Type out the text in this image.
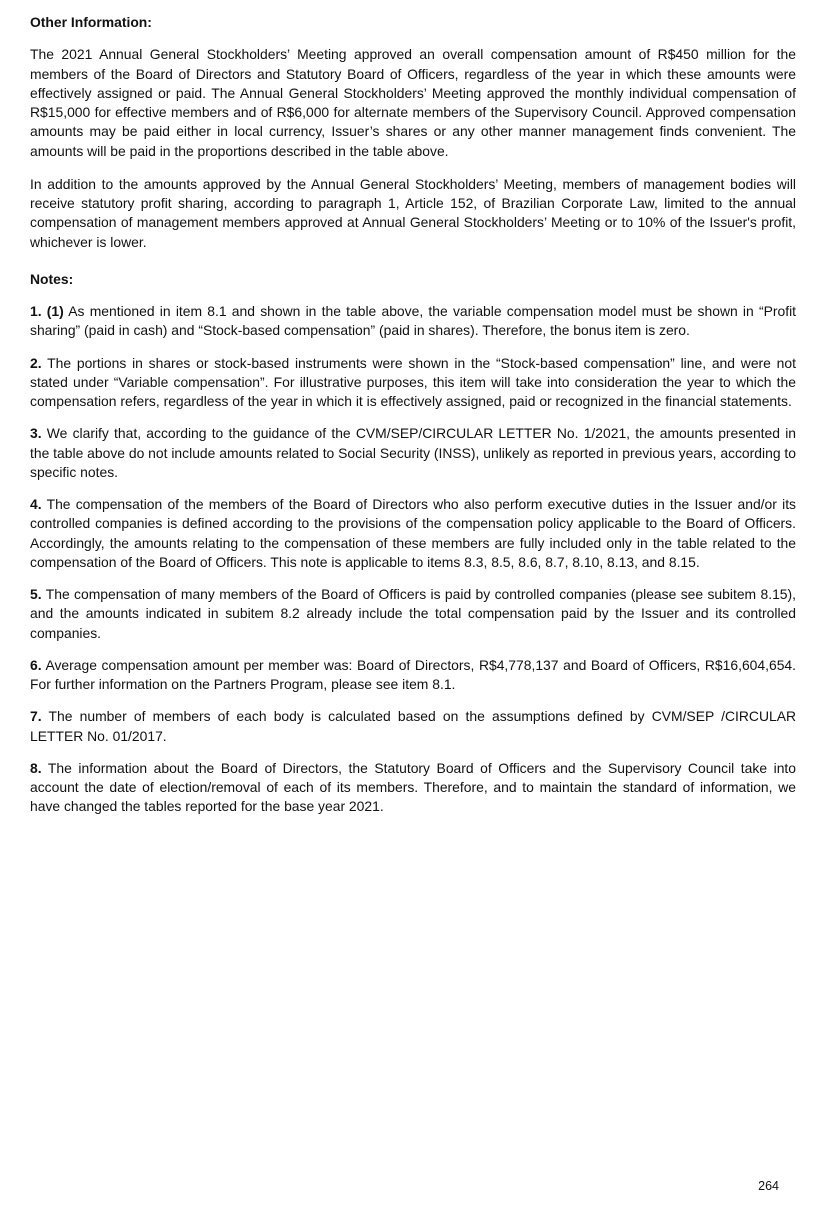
Other Information:

The 2021 Annual General Stockholders’ Meeting approved an overall compensation amount of R$450 million for the members of the Board of Directors and Statutory Board of Officers, regardless of the year in which these amounts were effectively assigned or paid. The Annual General Stockholders’ Meeting approved the monthly individual compensation of R$15,000 for effective members and of R$6,000 for alternate members of the Supervisory Council. Approved compensation amounts may be paid either in local currency, Issuer’s shares or any other manner management finds convenient. The amounts will be paid in the proportions described in the table above.

In addition to the amounts approved by the Annual General Stockholders’ Meeting, members of management bodies will receive statutory profit sharing, according to paragraph 1, Article 152, of Brazilian Corporate Law, limited to the annual compensation of management members approved at Annual General Stockholders’ Meeting or to 10% of the Issuer's profit, whichever is lower.

Notes:

1. (1) As mentioned in item 8.1 and shown in the table above, the variable compensation model must be shown in “Profit sharing” (paid in cash) and “Stock-based compensation” (paid in shares). Therefore, the bonus item is zero.

2. The portions in shares or stock-based instruments were shown in the “Stock-based compensation” line, and were not stated under “Variable compensation”. For illustrative purposes, this item will take into consideration the year to which the compensation refers, regardless of the year in which it is effectively assigned, paid or recognized in the financial statements.

3. We clarify that, according to the guidance of the CVM/SEP/CIRCULAR LETTER No. 1/2021, the amounts presented in the table above do not include amounts related to Social Security (INSS), unlikely as reported in previous years, according to specific notes.

4. The compensation of the members of the Board of Directors who also perform executive duties in the Issuer and/or its controlled companies is defined according to the provisions of the compensation policy applicable to the Board of Officers. Accordingly, the amounts relating to the compensation of these members are fully included only in the table related to the compensation of the Board of Officers. This note is applicable to items 8.3, 8.5, 8.6, 8.7, 8.10, 8.13, and 8.15.

5. The compensation of many members of the Board of Officers is paid by controlled companies (please see subitem 8.15), and the amounts indicated in subitem 8.2 already include the total compensation paid by the Issuer and its controlled companies.

6. Average compensation amount per member was: Board of Directors, R$4,778,137 and Board of Officers, R$16,604,654. For further information on the Partners Program, please see item 8.1.

7. The number of members of each body is calculated based on the assumptions defined by CVM/SEP /CIRCULAR LETTER No. 01/2017.

8. The information about the Board of Directors, the Statutory Board of Officers and the Supervisory Council take into account the date of election/removal of each of its members. Therefore, and to maintain the standard of information, we have changed the tables reported for the base year 2021.

264
